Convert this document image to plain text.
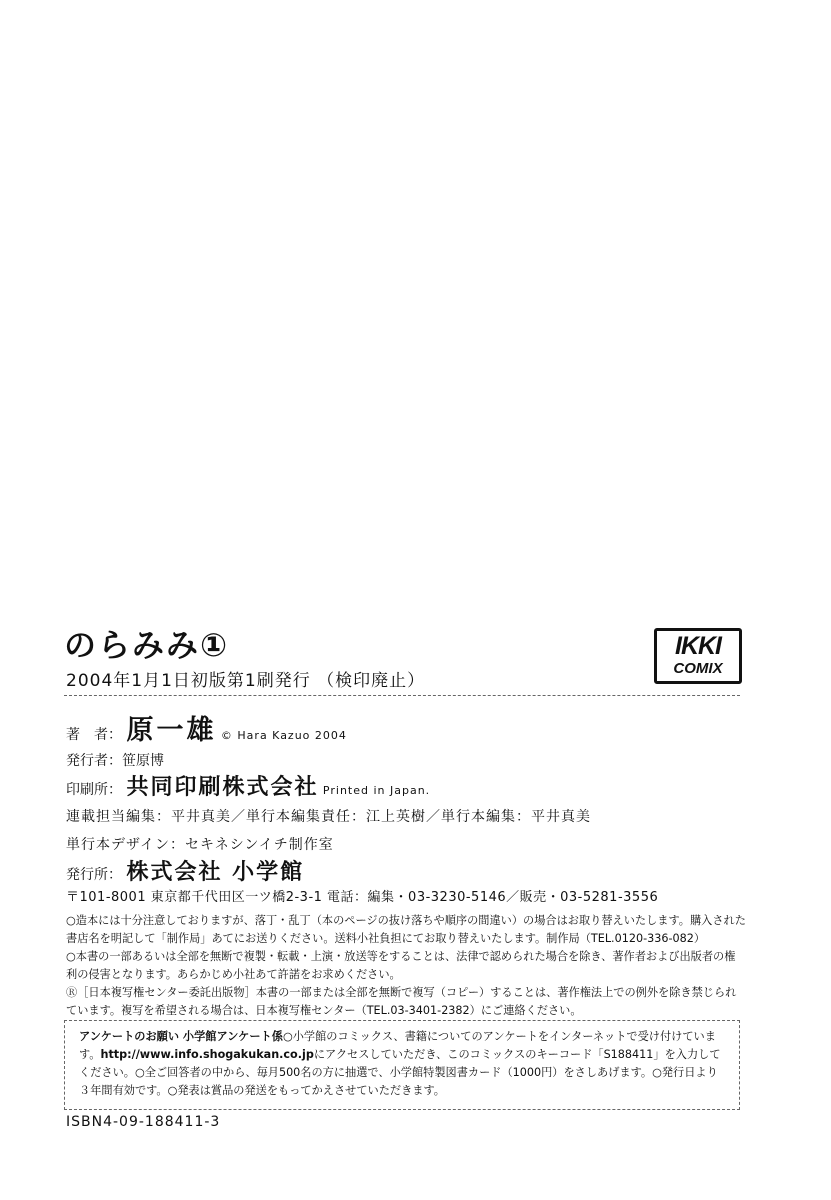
のらみみ①
2004年1月1日初版第1刷発行 （検印廃止）
IKKI
COMIX
著　者： 原一雄 © Hara Kazuo 2004
発行者：笹原博
印刷所： 共同印刷株式会社 Printed in Japan.
連載担当編集：平井真美／単行本編集責任：江上英樹／単行本編集：平井真美
単行本デザイン：セキネシンイチ制作室
発行所： 株式会社 小学館
〒101-8001 東京都千代田区一ツ橋2-3-1 電話：編集・03-3230-5146／販売・03-5281-3556

○造本には十分注意しておりますが、落丁・乱丁（本のページの抜け落ちや順序の間違い）の場合はお取り替えいたします。購入された書店名を明記して「制作局」あてにお送りください。送料小社負担にてお取り替えいたします。制作局（TEL.0120-336-082）

○本書の一部あるいは全部を無断で複製・転載・上演・放送等をすることは、法律で認められた場合を除き、著作者および出版者の権利の侵害となります。あらかじめ小社あて許諾をお求めください。

Ⓡ［日本複写権センター委託出版物］本書の一部または全部を無断で複写（コピー）することは、著作権法上での例外を除き禁じられています。複写を希望される場合は、日本複写権センター（TEL.03-3401-2382）にご連絡ください。

アンケートのお願い 小学館アンケート係○小学館のコミックス、書籍についてのアンケートをインターネットで受け付けています。http://www.info.shogakukan.co.jpにアクセスしていただき、このコミックスのキーコード「S188411」を入力してください。○全ご回答者の中から、毎月500名の方に抽選で、小学館特製図書カード（1000円）をさしあげます。○発行日より３年間有効です。○発表は賞品の発送をもってかえさせていただきます。
ISBN4-09-188411-3
